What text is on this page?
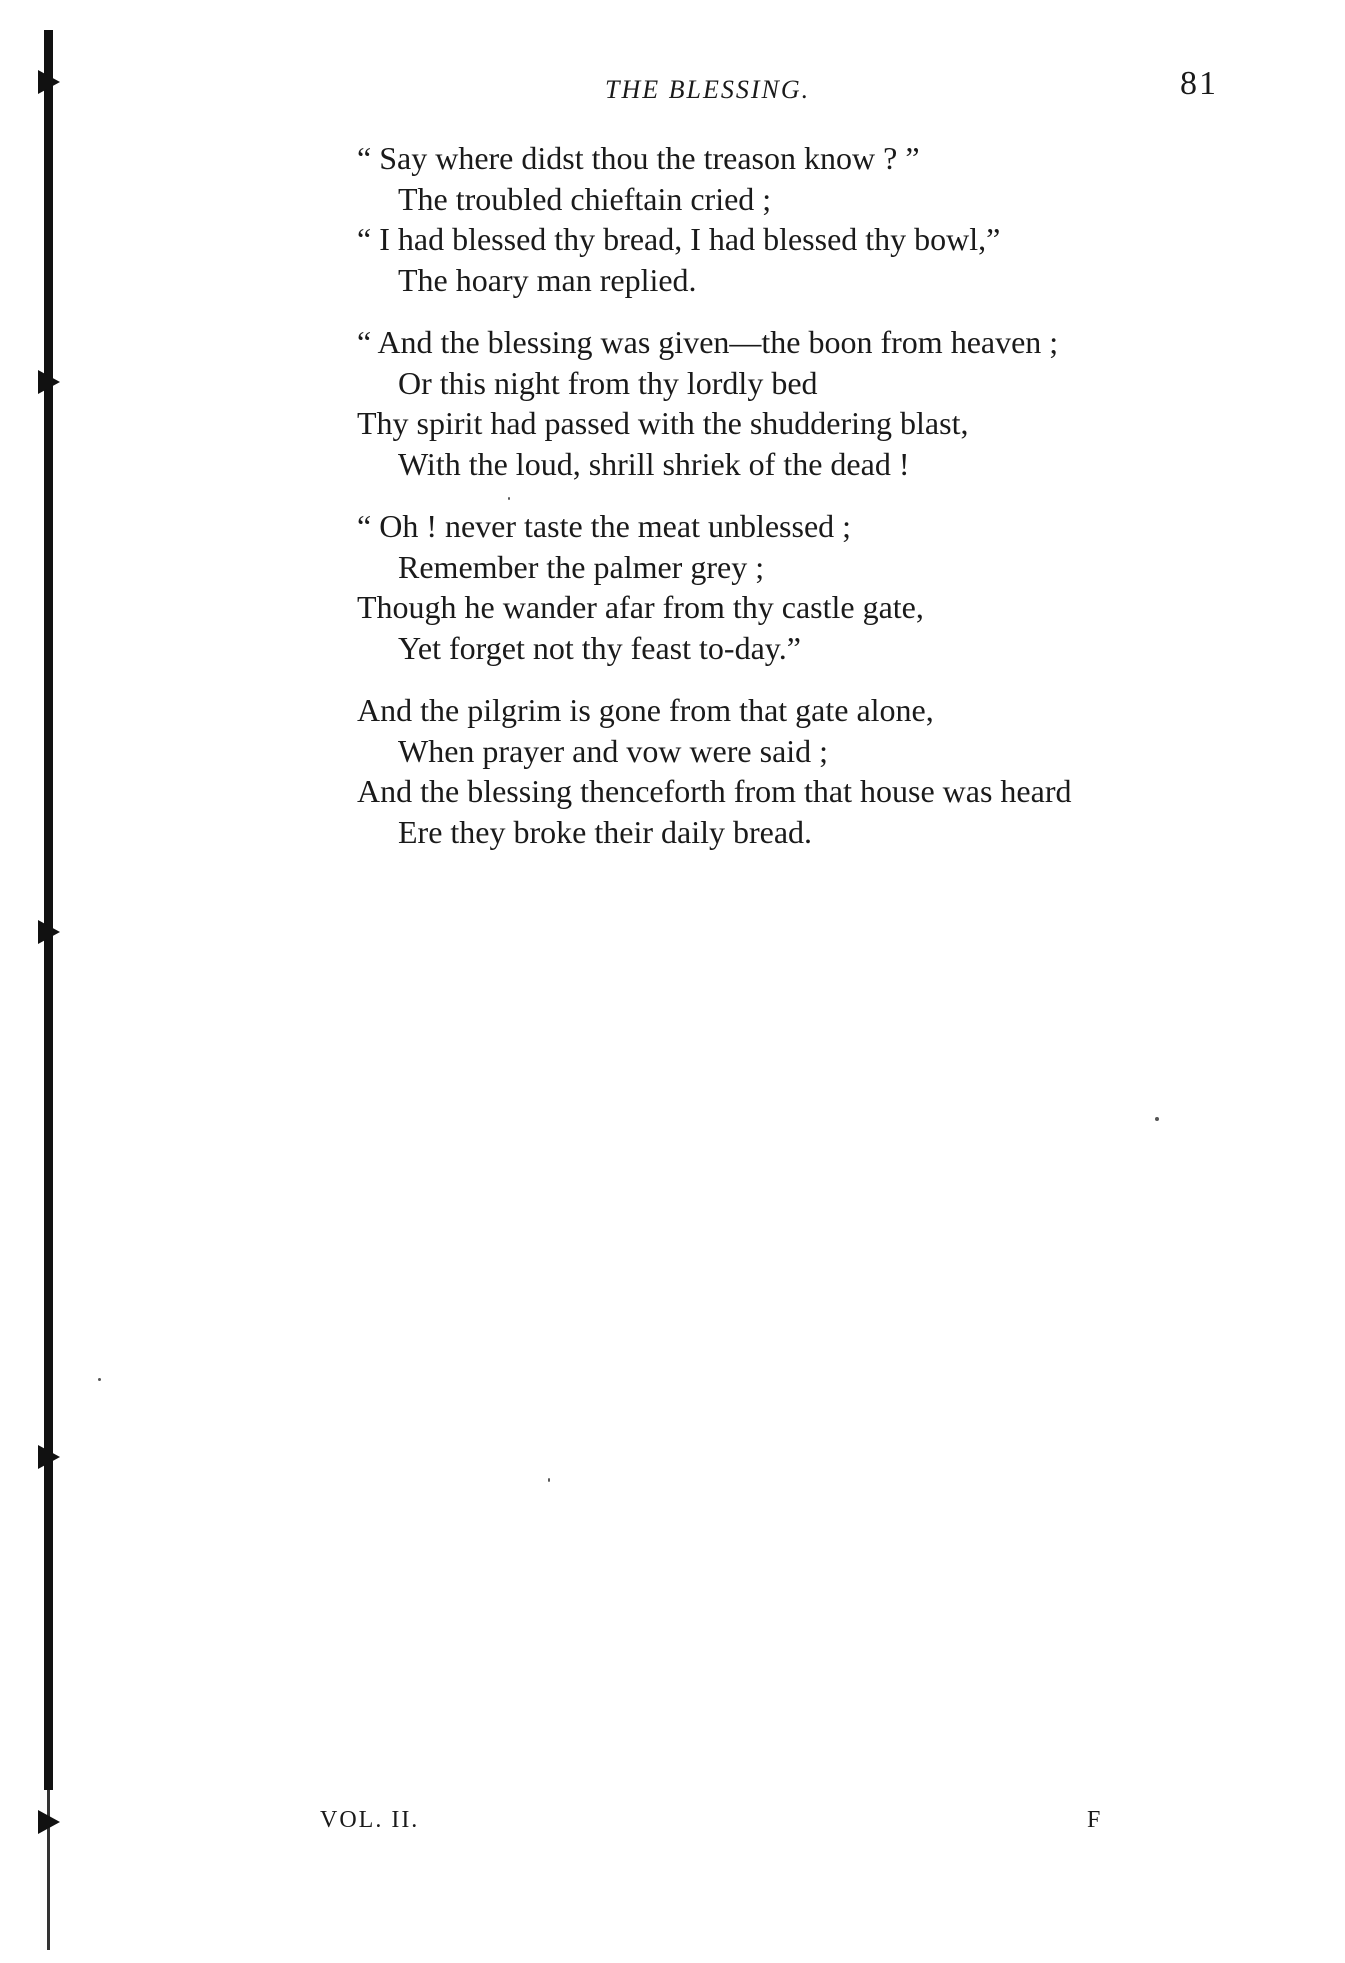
THE BLESSING.	81
“ Say where didst thou the treason know ? ”
The troubled chieftain cried ;
“ I had blessed thy bread, I had blessed thy bowl,”
The hoary man replied.
“ And the blessing was given—the boon from heaven ;
Or this night from thy lordly bed
Thy spirit had passed with the shuddering blast,
With the loud, shrill shriek of the dead !
“ Oh ! never taste the meat unblessed ;
Remember the palmer grey ;
Though he wander afar from thy castle gate,
Yet forget not thy feast to-day.”
And the pilgrim is gone from that gate alone,
When prayer and vow were said ;
And the blessing thenceforth from that house was heard
Ere they broke their daily bread.
VOL. II.	F
